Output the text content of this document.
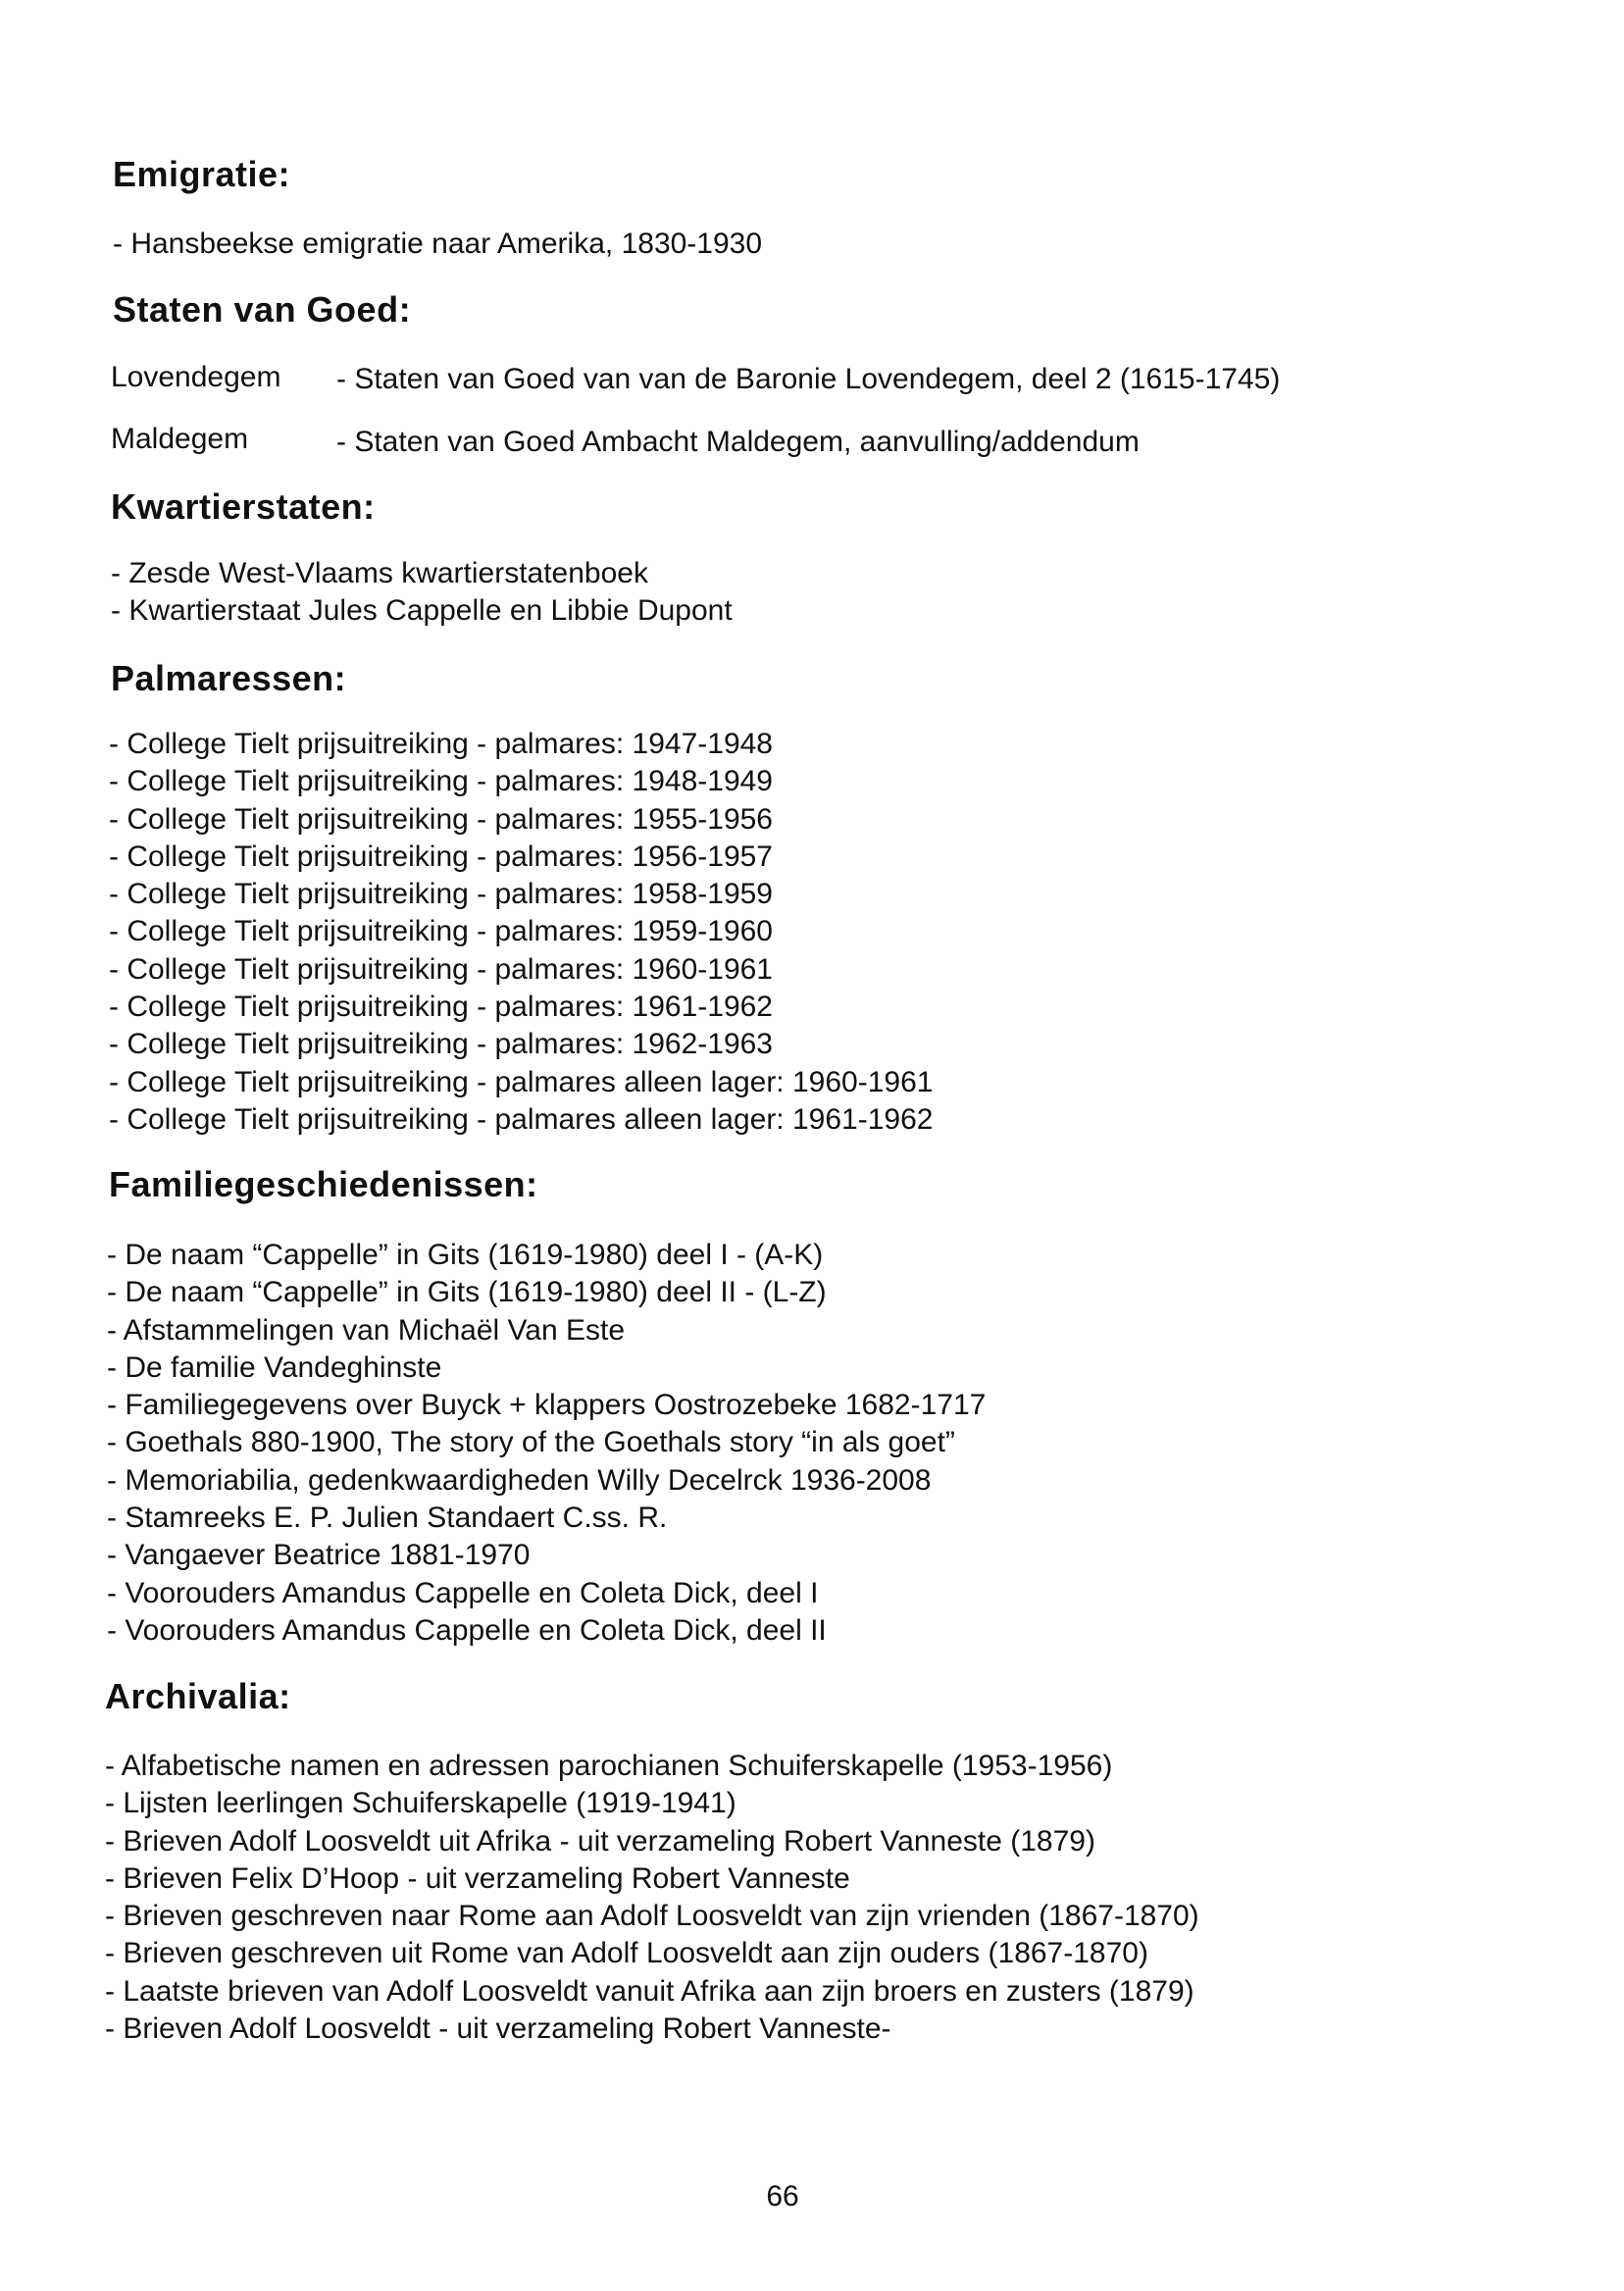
Emigratie:
- Hansbeekse emigratie naar Amerika, 1830-1930
Staten van Goed:
Lovendegem - Staten van Goed van van de Baronie Lovendegem, deel 2 (1615-1745)
Maldegem	- Staten van Goed Ambacht Maldegem, aanvulling/addendum
Kwartierstaten:
- Zesde West-Vlaams kwartierstatenboek
- Kwartierstaat Jules Cappelle en Libbie Dupont
Palmaressen:
- College Tielt prijsuitreiking - palmares: 1947-1948
- College Tielt prijsuitreiking - palmares: 1948-1949
- College Tielt prijsuitreiking - palmares: 1955-1956
- College Tielt prijsuitreiking - palmares: 1956-1957
- College Tielt prijsuitreiking - palmares: 1958-1959
- College Tielt prijsuitreiking - palmares: 1959-1960
- College Tielt prijsuitreiking - palmares: 1960-1961
- College Tielt prijsuitreiking - palmares: 1961-1962
- College Tielt prijsuitreiking - palmares: 1962-1963
- College Tielt prijsuitreiking - palmares alleen lager: 1960-1961
- College Tielt prijsuitreiking - palmares alleen lager: 1961-1962
Familiegeschiedenissen:
- De naam “Cappelle” in Gits (1619-1980) deel I - (A-K)
- De naam “Cappelle” in Gits (1619-1980) deel II - (L-Z)
- Afstammelingen van Michaël Van Este
- De familie Vandeghinste
- Familiegegevens over Buyck + klappers Oostrozebeke 1682-1717
- Goethals 880-1900, The story of the Goethals story “in als goet”
- Memoriabilia, gedenkwaardigheden Willy Decelrck 1936-2008
- Stamreeks E. P. Julien Standaert C.ss. R.
- Vangaever Beatrice 1881-1970
- Voorouders Amandus Cappelle en Coleta Dick, deel I
- Voorouders Amandus Cappelle en Coleta Dick, deel II
Archivalia:
- Alfabetische namen en adressen parochianen Schuiferskapelle (1953-1956)
- Lijsten leerlingen Schuiferskapelle (1919-1941)
- Brieven Adolf Loosveldt uit Afrika - uit verzameling Robert Vanneste (1879)
- Brieven Felix D’Hoop - uit verzameling Robert Vanneste
- Brieven geschreven naar Rome aan Adolf Loosveldt van zijn vrienden (1867-1870)
- Brieven geschreven uit Rome van Adolf Loosveldt aan zijn ouders (1867-1870)
- Laatste brieven van Adolf Loosveldt vanuit Afrika aan zijn broers en zusters (1879)
- Brieven Adolf Loosveldt - uit verzameling Robert Vanneste-
66
